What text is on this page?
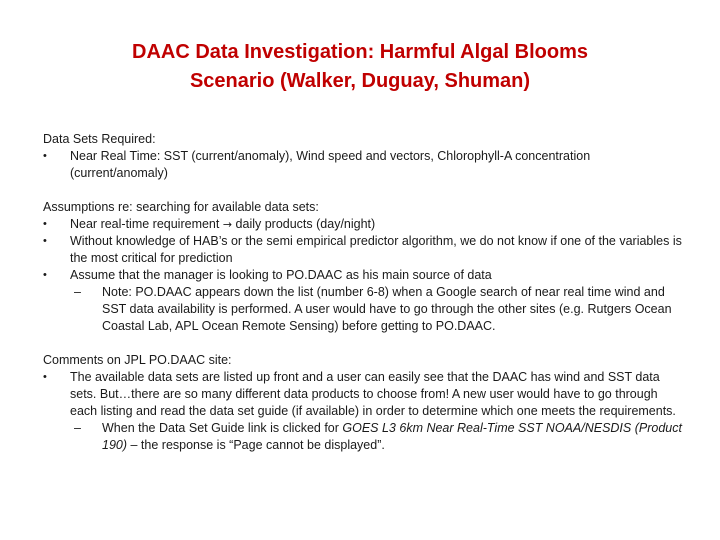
DAAC Data Investigation: Harmful Algal Blooms
Scenario (Walker, Duguay, Shuman)

Data Sets Required:

•	Near Real Time: SST (current/anomaly), Wind speed and vectors, Chlorophyll-A concentration (current/anomaly)

Assumptions re: searching for available data sets:

•	Near real-time requirement → daily products (day/night)
•	Without knowledge of HAB’s or the semi empirical predictor algorithm, we do not know if one of the variables is the most critical for prediction
•	Assume that the manager is looking to PO.DAAC as his main source of data
– Note: PO.DAAC appears down the list (number 6-8) when a Google search of near real time wind and SST data availability is performed. A user would have to go through the other sites (e.g. Rutgers Ocean Coastal Lab, APL Ocean Remote Sensing) before getting to PO.DAAC.

Comments on JPL PO.DAAC site:

•	The available data sets are listed up front and a user can easily see that the DAAC has wind and SST data sets. But…there are so many different data products to choose from! A new user would have to go through each listing and read the data set guide (if available) in order to determine which one meets the requirements.
– When the Data Set Guide link is clicked for GOES L3 6km Near Real-Time SST NOAA/NESDIS (Product 190) – the response is “Page cannot be displayed”.
